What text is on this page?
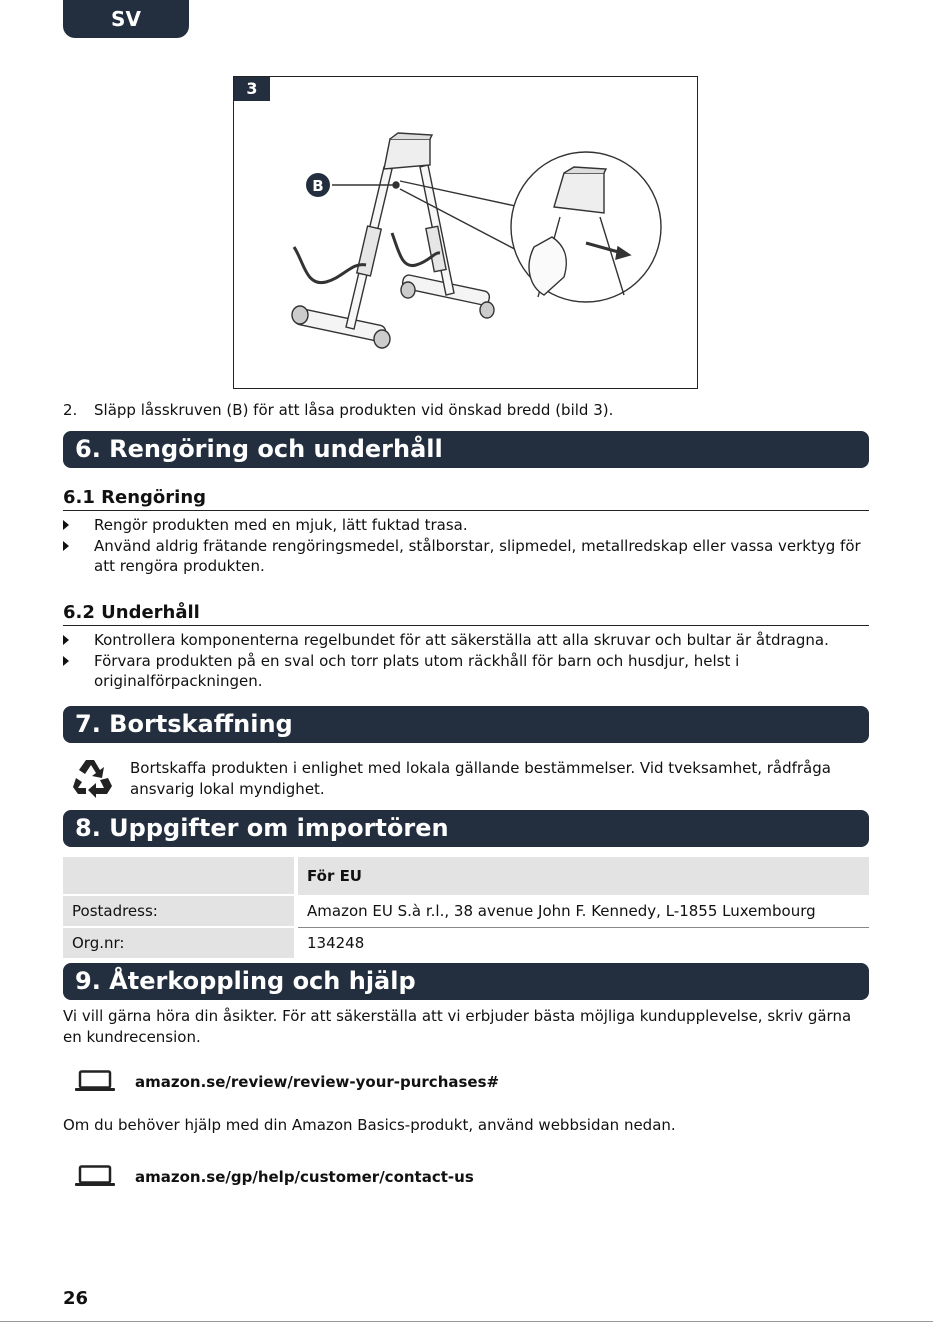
SV
3
B
2. Släpp låsskruven (B) för att låsa produkten vid önskad bredd (bild 3).
6. Rengöring och underhåll
6.1 Rengöring
Rengör produkten med en mjuk, lätt fuktad trasa.
Använd aldrig frätande rengöringsmedel, stålborstar, slipmedel, metallredskap eller vassa verktyg för att rengöra produkten.
6.2 Underhåll
Kontrollera komponenterna regelbundet för att säkerställa att alla skruvar och bultar är åtdragna.
Förvara produkten på en sval och torr plats utom räckhåll för barn och husdjur, helst i originalförpackningen.
7. Bortskaffning
Bortskaffa produkten i enlighet med lokala gällande bestämmelser. Vid tveksamhet, rådfråga ansvarig lokal myndighet.
8. Uppgifter om importören
	För EU
Postadress:	Amazon EU S.à r.l., 38 avenue John F. Kennedy, L-1855 Luxembourg
Org.nr:	134248
9. Återkoppling och hjälp
Vi vill gärna höra din åsikter. För att säkerställa att vi erbjuder bästa möjliga kundupplevelse, skriv gärna en kundrecension.
amazon.se/review/review-your-purchases#
Om du behöver hjälp med din Amazon Basics-produkt, använd webbsidan nedan.
amazon.se/gp/help/customer/contact-us
26
